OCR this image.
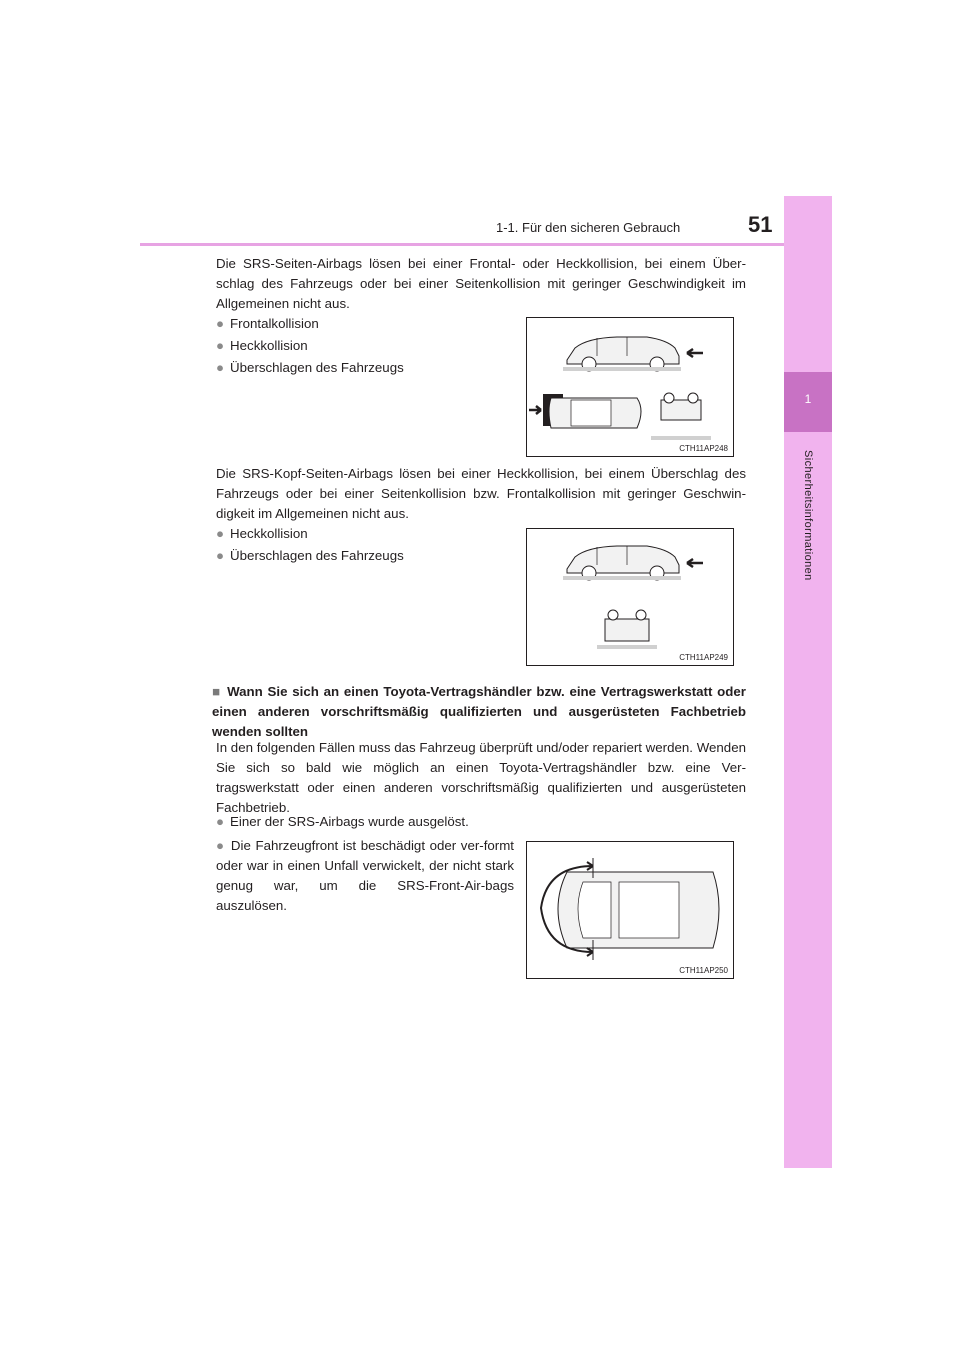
1-1. Für den sicheren Gebrauch	51
1
Sicherheitsinformationen
Die SRS-Seiten-Airbags lösen bei einer Frontal- oder Heckkollision, bei einem Über-schlag des Fahrzeugs oder bei einer Seitenkollision mit geringer Geschwindigkeit im Allgemeinen nicht aus.
● Frontalkollision
● Heckkollision
● Überschlagen des Fahrzeugs
CTH11AP248
Die SRS-Kopf-Seiten-Airbags lösen bei einer Heckkollision, bei einem Überschlag des Fahrzeugs oder bei einer Seitenkollision bzw. Frontalkollision mit geringer Geschwin-digkeit im Allgemeinen nicht aus.
● Heckkollision
● Überschlagen des Fahrzeugs
CTH11AP249
■ Wann Sie sich an einen Toyota-Vertragshändler bzw. eine Vertragswerkstatt oder einen anderen vorschriftsmäßig qualifizierten und ausgerüsteten Fachbetrieb wenden sollten
In den folgenden Fällen muss das Fahrzeug überprüft und/oder repariert werden. Wenden Sie sich so bald wie möglich an einen Toyota-Vertragshändler bzw. eine Ver-tragswerkstatt oder einen anderen vorschriftsmäßig qualifizierten und ausgerüsteten Fachbetrieb.
● Einer der SRS-Airbags wurde ausgelöst.
● Die Fahrzeugfront ist beschädigt oder ver-formt oder war in einen Unfall verwickelt, der nicht stark genug war, um die SRS-Front-Air-bags auszulösen.
CTH11AP250
